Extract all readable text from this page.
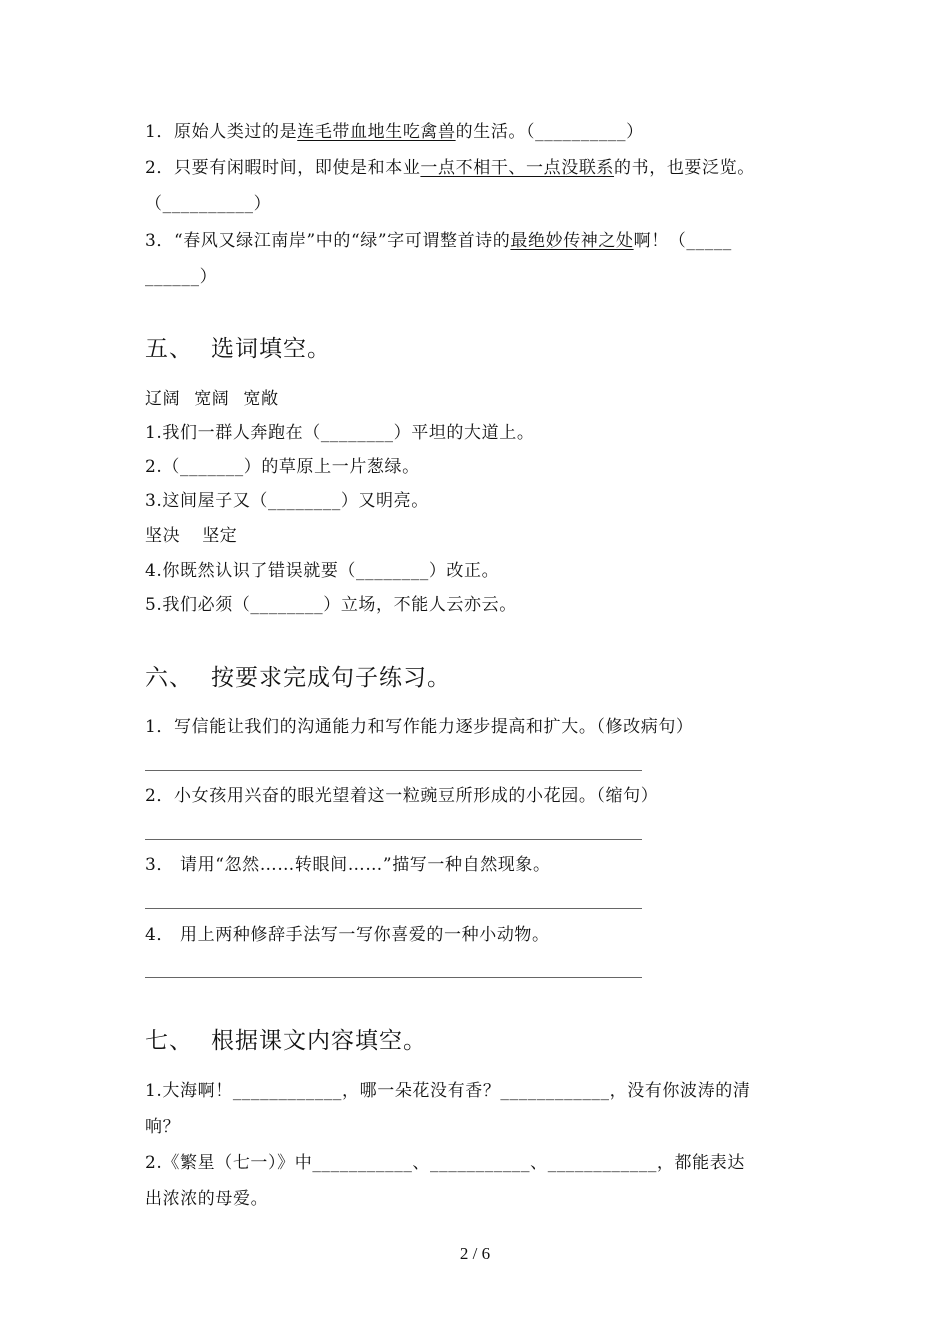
1．原始人类过的是连毛带血地生吃禽兽的生活。（__________）
2．只要有闲暇时间，即使是和本业一点不相干、一点没联系的书，也要泛览。
（__________）
3．“春风又绿江南岸”中的“绿”字可谓整首诗的最绝妙传神之处啊！（_____
______）
五、 选词填空。
辽阔 宽阔 宽敞
1.我们一群人奔跑在（________）平坦的大道上。
2.（_______）的草原上一片葱绿。
3.这间屋子又（________）又明亮。
坚决 坚定
4.你既然认识了错误就要（________）改正。
5.我们必须（________）立场，不能人云亦云。
六、 按要求完成句子练习。
1．写信能让我们的沟通能力和写作能力逐步提高和扩大。（修改病句）
2．小女孩用兴奋的眼光望着这一粒豌豆所形成的小花园。（缩句）
3． 请用“忽然……转眼间……”描写一种自然现象。
4． 用上两种修辞手法写一写你喜爱的一种小动物。
七、 根据课文内容填空。
1.大海啊！____________，哪一朵花没有香？____________，没有你波涛的清
响？
2.《繁星（七一）》中___________、___________、____________，都能表达
出浓浓的母爱。
2 / 6
